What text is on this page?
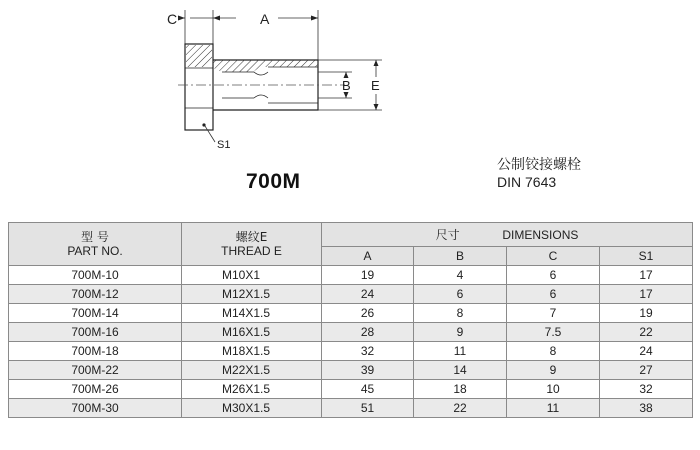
C	A
B E
S1
700M
公制铰接螺栓
DIN 7643
型 号
PART NO.	螺纹E
THREAD E	尺寸 DIMENSIONS			
		A	B	C	S1
700M-10	M10X1	19	4	6	17
700M-12	M12X1.5	24	6	6	17
700M-14	M14X1.5	26	8	7	19
700M-16	M16X1.5	28	9	7.5	22
700M-18	M18X1.5	32	11	8	24
700M-22	M22X1.5	39	14	9	27
700M-26	M26X1.5	45	18	10	32
700M-30	M30X1.5	51	22	11	38
